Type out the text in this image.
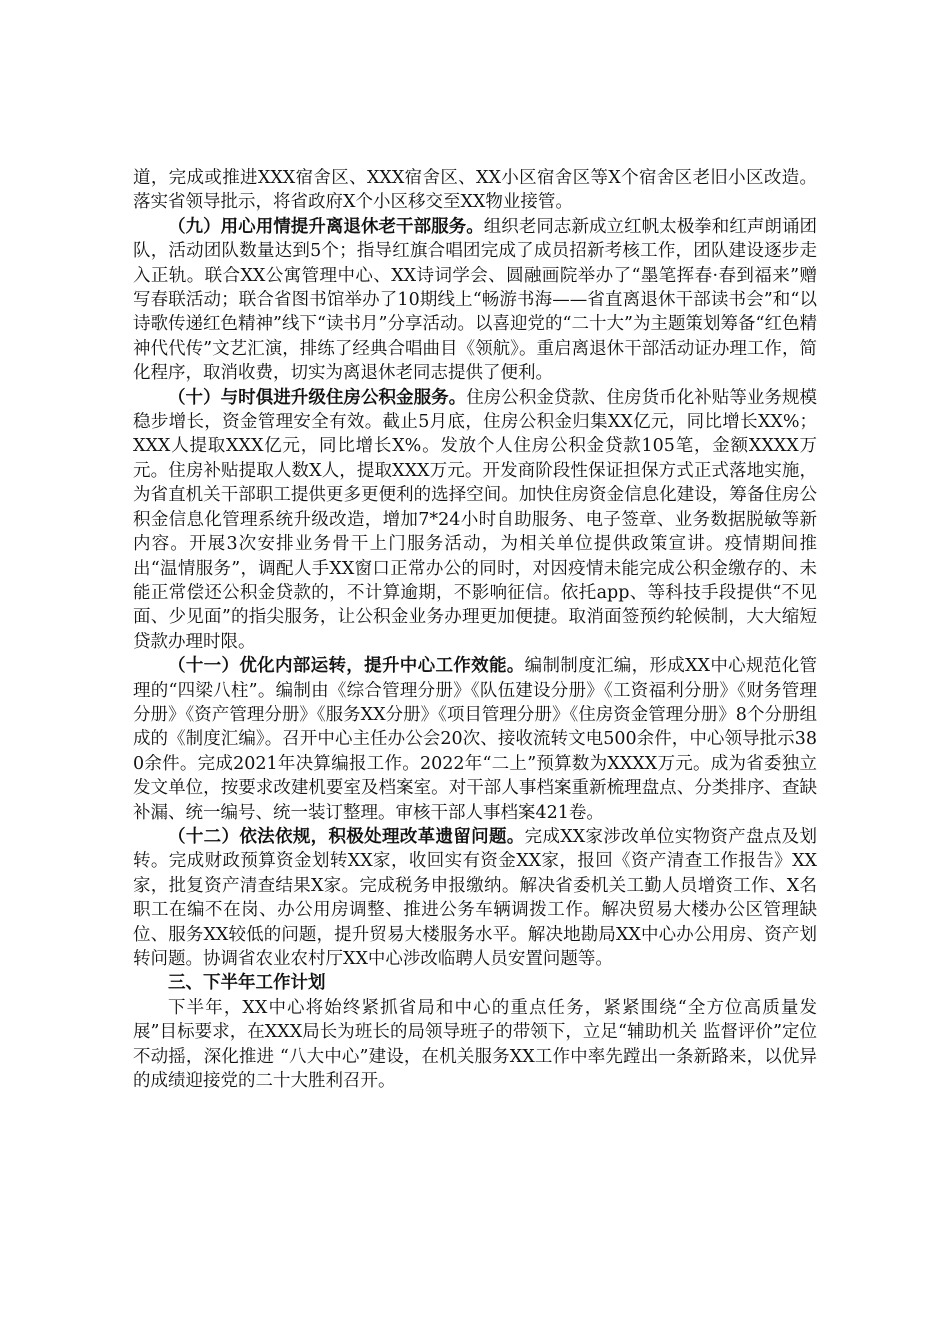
道，完成或推进XXX宿舍区、XXX宿舍区、XX小区宿舍区等X个宿舍区老旧小区改造。落实省领导批示，将省政府X个小区移交至XX物业接管。

（九）用心用情提升离退休老干部服务。组织老同志新成立红帆太极拳和红声朗诵团队，活动团队数量达到5个；指导红旗合唱团完成了成员招新考核工作，团队建设逐步走入正轨。联合XX公寓管理中心、XX诗词学会、圆融画院举办了“墨笔挥春·春到福来”赠写春联活动；联合省图书馆举办了10期线上“畅游书海——省直离退休干部读书会”和“以诗歌传递红色精神”线下“读书月”分享活动。以喜迎党的“二十大”为主题策划筹备“红色精神代代传”文艺汇演，排练了经典合唱曲目《领航》。重启离退休干部活动证办理工作，简化程序，取消收费，切实为离退休老同志提供了便利。

（十）与时俱进升级住房公积金服务。住房公积金贷款、住房货币化补贴等业务规模稳步增长，资金管理安全有效。截止5月底，住房公积金归集XX亿元，同比增长XX%；XXX人提取XXX亿元，同比增长X%。发放个人住房公积金贷款105笔，金额XXXX万元。住房补贴提取人数X人，提取XXX万元。开发商阶段性保证担保方式正式落地实施，为省直机关干部职工提供更多更便利的选择空间。加快住房资金信息化建设，筹备住房公积金信息化管理系统升级改造，增加7*24小时自助服务、电子签章、业务数据脱敏等新内容。开展3次安排业务骨干上门服务活动，为相关单位提供政策宣讲。疫情期间推出“温情服务”，调配人手XX窗口正常办公的同时，对因疫情未能完成公积金缴存的、未能正常偿还公积金贷款的，不计算逾期，不影响征信。依托app、等科技手段提供“不见面、少见面”的指尖服务，让公积金业务办理更加便捷。取消面签预约轮候制，大大缩短贷款办理时限。

（十一）优化内部运转，提升中心工作效能。编制制度汇编，形成XX中心规范化管理的“四梁八柱”。编制由《综合管理分册》《队伍建设分册》《工资福利分册》《财务管理分册》《资产管理分册》《服务XX分册》《项目管理分册》《住房资金管理分册》8个分册组成的《制度汇编》。召开中心主任办公会20次、接收流转文电500余件，中心领导批示380余件。完成2021年决算编报工作。2022年“二上”预算数为XXXX万元。成为省委独立发文单位，按要求改建机要室及档案室。对干部人事档案重新梳理盘点、分类排序、查缺补漏、统一编号、统一装订整理。审核干部人事档案421卷。

（十二）依法依规，积极处理改革遗留问题。完成XX家涉改单位实物资产盘点及划转。完成财政预算资金划转XX家，收回实有资金XX家，报回《资产清查工作报告》XX家，批复资产清查结果X家。完成税务申报缴纳。解决省委机关工勤人员增资工作、X名职工在编不在岗、办公用房调整、推进公务车辆调拨工作。解决贸易大楼办公区管理缺位、服务XX较低的问题，提升贸易大楼服务水平。解决地勘局XX中心办公用房、资产划转问题。协调省农业农村厅XX中心涉改临聘人员安置问题等。

三、下半年工作计划

下半年，XX中心将始终紧抓省局和中心的重点任务，紧紧围绕“全方位高质量发展”目标要求，在XXX局长为班长的局领导班子的带领下，立足“辅助机关 监督评价”定位不动摇，深化推进 “八大中心”建设，在机关服务XX工作中率先蹚出一条新路来，以优异的成绩迎接党的二十大胜利召开。
